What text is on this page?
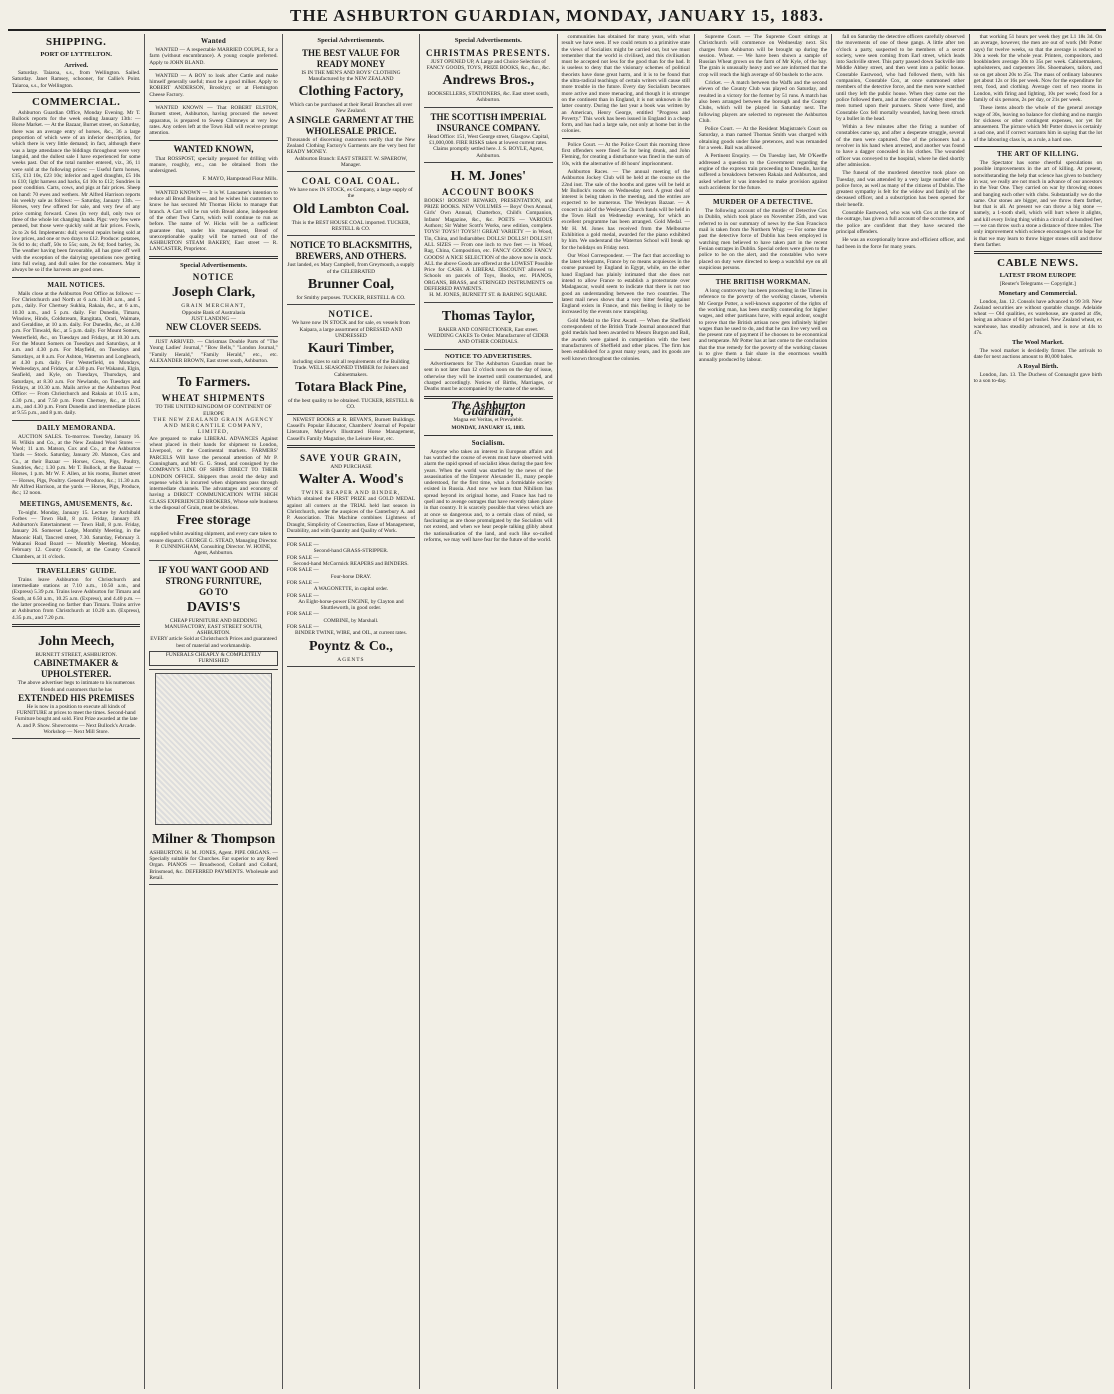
THE ASHBURTON GUARDIAN, MONDAY, JANUARY 15, 1883.
SHIPPING.
PORT OF LYTTELTON.
Arrived.

Saturday. Taiaroa, s.s., from Wellington. Sailed. Saturday. Janet Ramsey, schooner, for Callie's Point. Taiaroa, s.s., for Wellington.

COMMERCIAL.

Ashburton Guardian Office, Monday Evening. Mr T. Bullock reports for the week ending January 13th: — Horse Market. — At the Bazaar, Burnet street, on Saturday, there was an average entry of horses, &c., 36 a large proportion of which were of an inferior description, for which there is very little demand; in fact, although there was a large attendance the biddings throughout were very languid, and the dullest sale I have experienced for some weeks past. Out of the total number entered, viz., 36, 11 were sold at the following prices: — Useful farm horses, £15, £13 10s, £23 10s; inferior and aged draughts, £5 10s to £10; light harness and hacks, £4 10s to £12; Sundries in poor condition. Carts, cows, and pigs at fair prices. Sheep on hand: 70 ewes and wethers. Mr Alfred Harrison reports his weekly sale as follows: — Saturday, January 13th. — Horses, very few offered for sale, and very few of any price coming forward. Cows (in very dull, only two or three of the whole lot changing hands. Pigs: very few were penned, but those were quickly sold at fair prices. Fowls, 2s to 2s 6d. Implements: dull; several repairs being sold at low prices, and one or two drays to £12. Produce: potatoes, 3s 6d to 4s; chaff, 50s to 55s; oats, 2s 6d; food barley, 3s. The weather having been favourable, all has gone off well with the exception of the dairying operations now getting into full swing, and dull sales for the consumers. May it always be so if the harvests are good ones.

MAIL NOTICES.

Mails close at the Ashburton Post Office as follows: — For Christchurch and North at 6 a.m. 10.30 a.m., and 5 p.m., daily. For Chertsey Sukhia, Rakaia, &c., at 6 a.m., 10.30 a.m., and 5 p.m. daily. For Dunedin, Timaru, Winslow, Hinds, Coldstream, Rangitata, Orari, Waimate, and Geraldine, at 10 a.m. daily. For Dunedin, &c., at 4.30 p.m. For Tinwald, &c., at 5 p.m. daily. For Mount Somers, Westerfield, &c., on Tuesdays and Fridays, at 10.30 a.m. For the Mount Somers on Tuesdays and Saturdays, at 8 a.m. and 4.30 p.m. For Mayfield, on Tuesdays and Saturdays, at 8 a.m. For Ashton, Waterton and Longbeach, at 4.30 p.m. daily. For Westerfield, on Mondays, Wednesdays, and Fridays, at 4.30 p.m. For Wakanui, Elgin, Seafield, and Kyle, on Tuesdays, Thursdays, and Saturdays, at 8.30 a.m. For Newlands, on Tuesdays and Fridays, at 10.30 a.m. Mails arrive at the Ashburton Post Office: — From Christchurch and Rakaia at 10.15 a.m., 4.30 p.m., and 7.50 p.m. From Chertsey, &c., at 10.15 a.m., and 4.30 p.m. From Dunedin and intermediate places at 9.55 p.m., and 8 p.m. daily.

DAILY MEMORANDA.

AUCTION SALES. To-morrow. Tuesday, January 16. H. Wilkin and Co., at the New Zealand Wool Stores — Wool; 11 a.m. Matson, Cox and Co., at the Ashburton Yards — Stock. Saturday, January 20. Matson, Cox and Co., at their Bazaar — Horses, Cows, Pigs, Poultry, Sundries, &c.; 1.30 p.m. Mr T. Bullock, at the Bazaar — Horses, 1 p.m. Mr W. F. Allen, at his rooms, Burnet street — Horses, Pigs, Poultry. General Produce, &c.; 11.30 a.m. Mr Alfred Harrison, at the yards — Horses, Pigs, Produce, &c.; 12 noon.

MEETINGS, AMUSEMENTS, &c.

To-night. Monday, January 15. Lecture by Archibald Forbes — Town Hall, 8 p.m. Friday, January 19. Ashburton's Entertainment — Town Hall, 8 p.m. Friday, January 26. Somerset Lodge, Monthly Meeting, in the Masonic Hall, Tancred street, 7.30. Saturday, February 3. Wakanui Road Board — Monthly Meeting. Monday, February 12. County Council, at the County Council Chambers, at 11 o'clock.

TRAVELLERS' GUIDE.

Trains leave Ashburton for Christchurch and intermediate stations at 7.10 a.m., 10.50 a.m., and (Express) 5.39 p.m. Trains leave Ashburton for Timaru and South, at 6.50 a.m., 10.25 a.m. (Express), and 4.40 p.m. — the latter proceeding no farther than Timaru. Trains arrive at Ashburton from Christchurch at 10.20 a.m. (Express), 4.35 p.m., and 7.20 p.m.

John Meech,

BURNETT STREET, ASHBURTON.

CABINETMAKER & UPHOLSTERER.

The above advertiser begs to intimate to his numerous friends and customers that he has

EXTENDED HIS PREMISES

He is now in a position to execute all kinds of FURNITURE at prices to meet the times. Second-hand Furniture bought and sold. First Prize awarded at the late A. and P. Show. Showrooms — Next Bullock's Arcade. Workshop — Next Mill Store.

Wanted

WANTED — A respectable MARRIED COUPLE, for a farm (without encumbrance). A young couple preferred. Apply to JOHN BLAND.

WANTED — A BOY to look after Cattle and make himself generally useful; must be a good milker. Apply to ROBERT ANDERSON, Brooklyn; or at Flemington Cheese Factory.

WANTED KNOWN — That ROBERT ELSTON, Burnett street, Ashburton, having procured the newest apparatus, is prepared to Sweep Chimneys at very low rates. Any orders left at the Town Hall will receive prompt attention.

WANTED KNOWN,

That ROSSPOST, specially prepared for drilling with manure, roughly, etc., can be obtained from the undersigned.

F. MAYO, Hampstead Flour Mills.

WANTED KNOWN — It is W. Lancaster's intention to reduce all Bread Business, and he wishes his customers to know he has secured Mr Thomas Hicks to manage that branch. A Cart will be run with Bread alone, independent of the other Two Carts, which will continue to run as before. The name of W. Hicks will be a sufficient guarantee that, under his management, Bread of unexceptionable quality will be turned out of the ASHBURTON STEAM BAKERY, East street — R. LANCASTER, Proprietor.

Special Advertisements.

NOTICE

Joseph Clark,

GRAIN MERCHANT,

Opposite Bank of Australasia

JUST LANDING —

NEW CLOVER SEEDS.

JUST ARRIVED. — Christmas Double Parts of "The Young Ladies' Journal," "Bow Bells," "London Journal," "Family Herald," "Family Herald," etc., etc. ALEXANDER BROWN, East street south, Ashburton.

To Farmers.

WHEAT SHIPMENTS

TO THE UNITED KINGDOM OF CONTINENT OF EUROPE

THE NEW ZEALAND GRAIN AGENCY AND MERCANTILE COMPANY, LIMITED,

Are prepared to make LIBERAL ADVANCES Against wheat placed in their hands for shipment to London, Liverpool, or the Continental markets. FARMERS' PARCELS Will have the personal attention of Mr P. Cunningham, and Mr G. G. Stead, and consigned by the COMPANY'S LINE OF SHIPS DIRECT TO THEIR LONDON OFFICE. Shippers thus avoid the delay and expense which is incurred when shipments pass through intermediate channels. The advantages and economy of having a DIRECT COMMUNICATION WITH HIGH CLASS EXPERIENCED BROKERS, Whose sole business is the disposal of Grain, must be obvious.

Free storage

supplied whilst awaiting shipment, and every care taken to ensure dispatch. GEORGE G. STEAD, Managing Director. P. CUNNINGHAM, Consulting Director. W. HOINE, Agent, Ashburton.

IF YOU WANT GOOD AND STRONG FURNITURE,

GO TO

DAVIS'S

CHEAP FURNITURE AND BEDDING MANUFACTORY, EAST STREET SOUTH, ASHBURTON.

EVERY article Sold at Christchurch Prices and guaranteed best of material and workmanship.

FUNERALS CHEAPLY & COMPLETELY FURNISHED

Milner & Thompson

ASHBURTON. H. M. JONES, Agent. PIPE ORGANS. — Specially suitable for Churches. Far superior to any Reed Organ. PIANOS — Broadwood, Collard and Collard, Brinsmead, &c. DEFERRED PAYMENTS. Wholesale and Retail.

Special Advertisements.

THE BEST VALUE FOR READY MONEY

IS IN THE MEN'S AND BOYS' CLOTHING Manufactured by the NEW ZEALAND

Clothing Factory,

Which can be purchased at their Retail Branches all over New Zealand.

A SINGLE GARMENT AT THE WHOLESALE PRICE.

Thousands of discerning customers testify that the New Zealand Clothing Factory's Garments are the very best for READY MONEY.

Ashburton Branch: EAST STREET. W. SPAEROW, Manager.

COAL COAL COAL.

We have now IN STOCK, ex Company, a large supply of the

Old Lambton Coal.

This is the BEST HOUSE COAL imported. TUCKER, RESTELL & CO.

NOTICE TO BLACKSMITHS, BREWERS, AND OTHERS.

Just landed, ex Mary Campbell, from Greymouth, a supply of the CELEBRATED

Brunner Coal,

for Smithy purposes. TUCKER, RESTELL & CO.

NOTICE.

We have now IN STOCK and for sale, ex vessels from Kaipara, a large assortment of DRESSED AND UNDRESSED

Kauri Timber,

including sizes to suit all requirements of the Building Trade. WELL SEASONED TIMBER for Joiners and Cabinetmakers.

Totara Black Pine,

of the best quality to be obtained. TUCKER, RESTELL & CO.

NEWEST BOOKS at R. BEVAN'S, Burnett Buildings. Cassell's Popular Educator, Chambers' Journal of Popular Literature, Mayhew's Illustrated Horse Management, Cassell's Family Magazine, the Leisure Hour, etc.

SAVE YOUR GRAIN,

AND PURCHASE

Walter A. Wood's

TWINE REAPER AND BINDER,

Which obtained the FIRST PRIZE and GOLD MEDAL against all comers at the TRIAL held last season in Christchurch, under the auspices of the Canterbury A. and P. Association. This Machine combines Lightness of Draught, Simplicity of Construction, Ease of Management, Durability, and with Quantity and Quality of Work.

FOR SALE —

Second-hand GRASS-STRIPPER.

FOR SALE —

Second-hand McCormick REAPERS and BINDERS.

FOR SALE —

Four-horse DRAY.

FOR SALE —

A WAGONETTE, in capital order.

FOR SALE —

An Eight-horse-power ENGINE, by Clayton and Shuttleworth, in good order.

FOR SALE —

COMBINE, by Marshall.

FOR SALE —

BINDER TWINE, WIRE, and OIL, at current rates.

Poyntz & Co.,

AGENTS

Special Advertisements.

CHRISTMAS PRESENTS.

JUST OPENED UP, A Large and Choice Selection of FANCY GOODS, TOYS, PRIZE BOOKS, &c., &c., &c.

Andrews Bros.,

BOOKSELLERS, STATIONERS, &c. East street south, Ashburton.

THE SCOTTISH IMPERIAL INSURANCE COMPANY.

Head Office: 151, West George street, Glasgow. Capital, £1,000,000. FIRE RISKS taken at lowest current rates. Claims promptly settled here. J. S. BOYLE, Agent, Ashburton.

H. M. Jones'

ACCOUNT BOOKS

BOOKS! BOOKS!! REWARD, PRESENTATION, and PRIZE BOOKS. NEW VOLUMES — Boys' Own Annual, Girls' Own Annual, Chatterbox, Child's Companion, Infants' Magazine, &c., &c. POETS — VARIOUS Authors; Sir Walter Scott's Works, new edition, complete. TOYS! TOYS!! TOYS!!! GREAT VARIETY — in Wood, Tin, China, and Indiarubber. DOLLS! DOLLS!! DOLLS!!! ALL SIZES — From one inch to two feet — in Wood, Rag, China, Composition, etc. FANCY GOODS! FANCY GOODS! A NICE SELECTION of the above now in stock. ALL the above Goods are offered at the LOWEST Possible Price for CASH. A LIBERAL DISCOUNT allowed to Schools on parcels of Toys, Books, etc. PIANOS, ORGANS, BRASS, and STRINGED INSTRUMENTS on DEFERRED PAYMENTS.

H. M. JONES, BURNETT ST. & BARING SQUARE.

Thomas Taylor,

BAKER AND CONFECTIONER, East street.

WEDDING CAKES To Order. Manufacturer of CIDER AND OTHER CORDIALS.

NOTICE TO ADVERTISERS.

Advertisements for The Ashburton Guardian must be sent in not later than 12 o'clock noon on the day of issue, otherwise they will be inserted until countermanded, and charged accordingly. Notices of Births, Marriages, or Deaths must be accompanied by the name of the sender.

The Ashburton Guardian,

Magna est Veritas, et Prevalebit.

MONDAY, JANUARY 15, 1883.

Socialism.

Anyone who takes an interest in European affairs and has watched the course of events must have observed with alarm the rapid spread of socialist ideas during the past few years. When the world was startled by the news of the assassination of the Emperor Alexander II., many people understood, for the first time, what a formidable society existed in Russia. And now we learn that Nihilism has spread beyond its original home, and France has had to quell and to avenge outrages that have recently taken place in that country. It is scarcely possible that views which are at once so dangerous and, to a certain class of mind, so fascinating as are those promulgated by the Socialists will not extend, and when we hear people talking glibly about the nationalisation of the land, and such like so-called reforms, we may well have fear for the future of the world.

communities has obtained for many years, with what result we have seen. If we could return to a primitive state the views of Socialists might be carried out, but we must remember that the world is civilised, and this civilisation must be accepted not less for the good than for the bad. It is useless to deny that the visionary schemes of political theorists have done great harm, and it is to be found that the ultra-radical teachings of certain writers will cause still more trouble in the future. Every day Socialism becomes more active and more menacing, and though it is stronger on the continent than in England, it is not unknown in the latter country. During the last year a book was written by an American, Henry George, entitled "Progress and Poverty." This work has been issued in England in a cheap form, and has had a large sale, not only at home but in the colonies.

Police Court. — At the Police Court this morning three first offenders were fined 5s for being drunk, and John Fleming, for creating a disturbance was fined in the sum of 10s, with the alternative of 48 hours' imprisonment.

Ashburton Races. — The annual meeting of the Ashburton Jockey Club will be held at the course on the 22nd inst. The sale of the booths and gates will be held at Mr Bullock's rooms on Wednesday next. A great deal of interest is being taken in the meeting, and the entries are expected to be numerous. The Wesleyan Bazaar. — A concert in aid of the Wesleyan Church funds will be held in the Town Hall on Wednesday evening, for which an excellent programme has been arranged. Gold Medal. — Mr H. M. Jones has received from the Melbourne Exhibition a gold medal, awarded for the piano exhibited by him. We understand the Waterton School will break up for the holidays on Friday next.

Our Wool Correspondent. — The fact that according to the latest telegrams, France by no means acquiesces in the course pursued by England in Egypt, while, on the other hand England has plainly intimated that she does not intend to allow France to establish a protectorate over Madagascar, would seem to indicate that there is not too good an understanding between the two countries. The latest mail news shows that a very bitter feeling against England exists in France, and this feeling is likely to be increased by the events now transpiring.

Gold Medal to the First Award. — When the Sheffield correspondent of the British Trade Journal announced that gold medals had been awarded to Messrs Burgon and Ball, the awards were gained in competition with the best manufacturers of Sheffield and other places. The firm has been established for a great many years, and its goods are well known throughout the colonies.

Supreme Court. — The Supreme Court sittings at Christchurch will commence on Wednesday next. Six charges from Ashburton will be brought up during the session. Wheat. — We have been shown a sample of Russian Wheat grown on the farm of Mr Kyle, of the bay. The grain is unusually heavy and we are informed that the crop will reach the high average of 60 bushels to the acre.

Cricket. — A match between the Waffs and the second eleven of the County Club was played on Saturday, and resulted in a victory for the former by 51 runs. A match has also been arranged between the borough and the County Clubs, which will be played in Saturday next. The following players are selected to represent the Ashburton Club.

Police Court. — At the Resident Magistrate's Court on Saturday, a man named Thomas Smith was charged with obtaining goods under false pretences, and was remanded for a week. Bail was allowed.

A Pertinent Enquiry. — On Tuesday last, Mr O'Keeffe addressed a question to the Government regarding the engine of the express train proceeding to Dunedin, having suffered a breakdown between Rakaia and Ashburton, and asked whether it was intended to make provision against such accidents for the future.

MURDER OF A DETECTIVE.

The following account of the murder of Detective Cox in Dublin, which took place on November 25th, and was referred to in our summary of news by the San Francisco mail is taken from the Northern Whig: — For some time past the detective force of Dublin has been employed in watching men believed to have taken part in the recent Fenian outrages in Dublin. Special orders were given to the police to be on the alert, and the constables who were placed on duty were directed to keep a watchful eye on all suspicious persons.

THE BRITISH WORKMAN.

A long controversy has been proceeding in the Times in reference to the poverty of the working classes, wherein Mr George Potter, a well-known supporter of the rights of the working man, has been sturdily contending for higher wages, and other partisans have, with equal ardour, sought to prove that the British artisan now gets infinitely higher wages than he used to do, and that he can live very well on the present rate of payment if he chooses to be economical and temperate. Mr Potter has at last come to the conclusion that the true remedy for the poverty of the working classes is to give them a fair share in the enormous wealth annually produced by labour.

fall on Saturday the detective officers carefully observed the movements of one of these gangs. A little after ten o'clock a party, suspected to be members of a secret society, were seen coming from Earl street, which leads into Sackville street. This party passed down Sackville into Middle Abbey street, and then went into a public house. Constable Eastwood, who had followed them, with his companion, Constable Cox, at once summoned other members of the detective force, and the men were watched until they left the public house. When they came out the police followed them, and at the corner of Abbey street the men turned upon their pursuers. Shots were fired, and Constable Cox fell mortally wounded, having been struck by a bullet in the head.

Within a few minutes after the firing a number of constables came up, and after a desperate struggle, several of the men were captured. One of the prisoners had a revolver in his hand when arrested, and another was found to have a dagger concealed in his clothes. The wounded officer was conveyed to the hospital, where he died shortly after admission.

The funeral of the murdered detective took place on Tuesday, and was attended by a very large number of the police force, as well as many of the citizens of Dublin. The greatest sympathy is felt for the widow and family of the deceased officer, and a subscription has been opened for their benefit.

Constable Eastwood, who was with Cox at the time of the outrage, has given a full account of the occurrence, and the police are confident that they have secured the principal offenders.

He was an exceptionally brave and efficient officer, and had been in the force for many years.

that working 51 hours per week they get L1 18s 3d. On an average, however, the men are out of work (Mr Potter says) for twelve weeks, so that the average is reduced to 30s a week for the whole year. Printers, compositors, and bookbinders average 30s to 35s per week. Cabinetmakers, upholsterers, and carpenters 30s. Shoemakers, tailors, and so on get about 20s to 25s. The mass of ordinary labourers get about 12s or 16s per week. Now for the expenditure for rent, food, and clothing. Average cost of two rooms in London, with firing and lighting, 10s per week; food for a family of six persons, 2s per day, or 21s per week.

These items absorb the whole of the general average wage of 30s, leaving no balance for clothing and no margin for sickness or other contingent expenses, nor yet for amusement. The picture which Mr Potter draws is certainly a sad one, and if correct warrants him in saying that the lot of the labouring class is, as a rule, a hard one.

THE ART OF KILLING.

The Spectator has some cheerful speculations on possible improvements in the art of killing. At present, notwithstanding the help that science has given to butchery in war, we really are not much in advance of our ancestors in the Year One. They carried on war by throwing stones and banging each other with clubs. Substantially we do the same. Our stones are bigger, and we throw them farther, but that is all. At present we can throw a big stone — namely, a 1-tooth shell, which will hurt where it alights, and kill every living thing within a circuit of a hundred feet — we can throw such a stone a distance of three miles. The only improvement which science encourages us to hope for is that we may learn to throw bigger stones still and throw them farther.

CABLE NEWS.
LATEST FROM EUROPE

[Reuter's Telegrams — Copyright.]

Monetary and Commercial.

London, Jan. 12. Consols have advanced to 99 3/8. New Zealand securities are without quotable change. Adelaide wheat — Old qualities, ex warehouse, are quoted at 49s, being an advance of 6d per bushel. New Zealand wheat, ex warehouse, has steadily advanced, and is now at 44s to 47s.

The Wool Market.

The wool market is decidedly firmer. The arrivals to date for next auctions amount to 80,000 bales.

A Royal Birth.

London, Jan. 13. The Duchess of Connaught gave birth to a son to-day.
